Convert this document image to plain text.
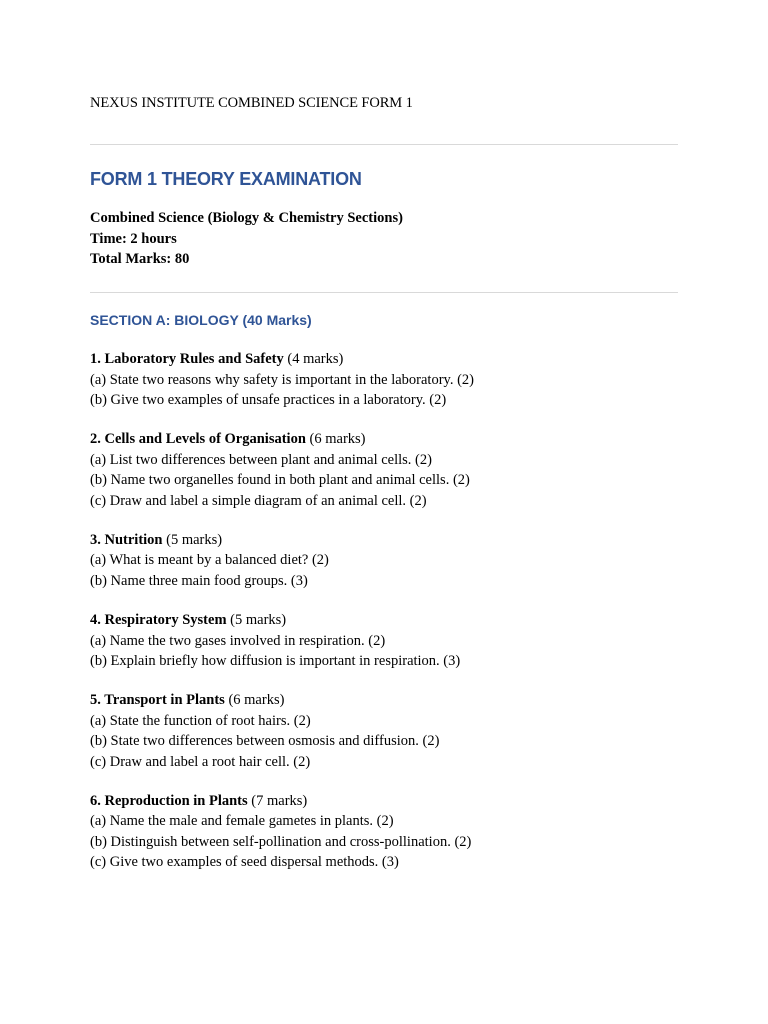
NEXUS INSTITUTE COMBINED SCIENCE FORM 1

FORM 1 THEORY EXAMINATION

Combined Science (Biology & Chemistry Sections)

Time: 2 hours

Total Marks: 80

SECTION A: BIOLOGY (40 Marks)

1. Laboratory Rules and Safety (4 marks)

(a) State two reasons why safety is important in the laboratory. (2)

(b) Give two examples of unsafe practices in a laboratory. (2)

2. Cells and Levels of Organisation (6 marks)

(a) List two differences between plant and animal cells. (2)

(b) Name two organelles found in both plant and animal cells. (2)

(c) Draw and label a simple diagram of an animal cell. (2)

3. Nutrition (5 marks)

(a) What is meant by a balanced diet? (2)

(b) Name three main food groups. (3)

4. Respiratory System (5 marks)

(a) Name the two gases involved in respiration. (2)

(b) Explain briefly how diffusion is important in respiration. (3)

5. Transport in Plants (6 marks)

(a) State the function of root hairs. (2)

(b) State two differences between osmosis and diffusion. (2)

(c) Draw and label a root hair cell. (2)

6. Reproduction in Plants (7 marks)

(a) Name the male and female gametes in plants. (2)

(b) Distinguish between self-pollination and cross-pollination. (2)

(c) Give two examples of seed dispersal methods. (3)
